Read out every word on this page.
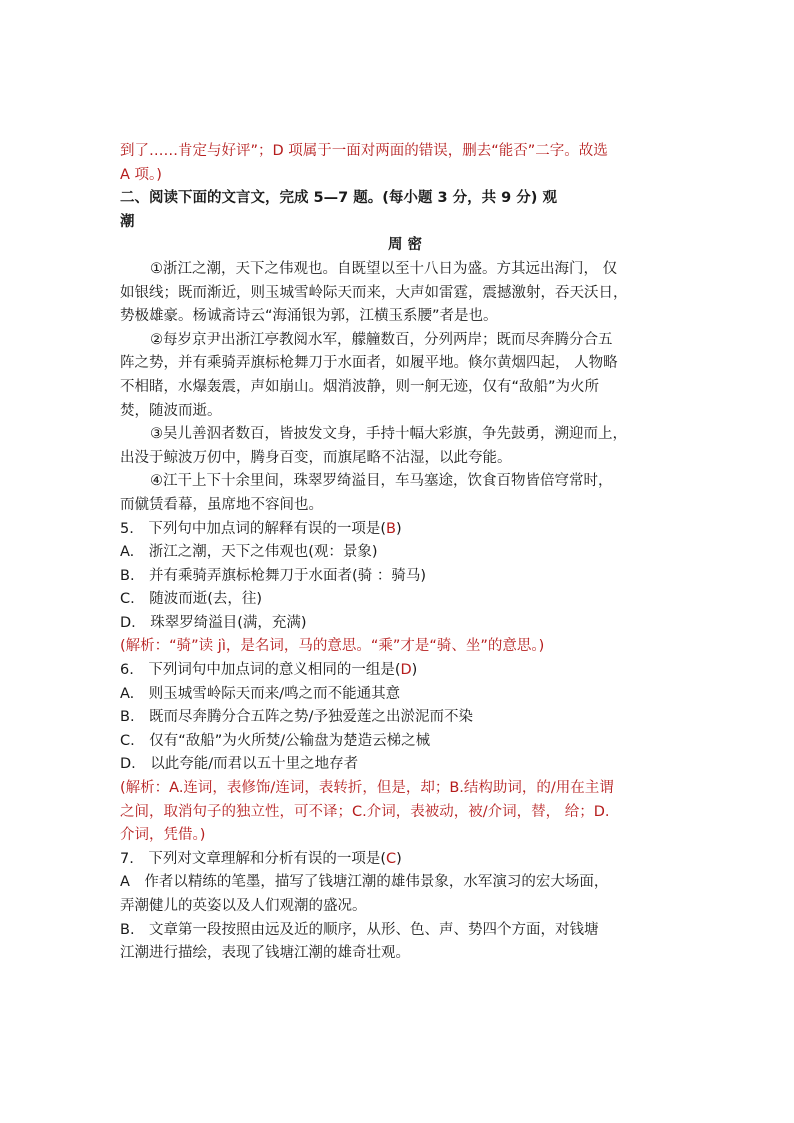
到了……肯定与好评”；D 项属于一面对两面的错误，删去“能否”二字。故选
A 项。)
二、阅读下面的文言文，完成 5—7 题。(每小题 3 分，共 9 分) 观
潮
周 密
①浙江之潮，天下之伟观也。自既望以至十八日为盛。方其远出海门， 仅
如银线；既而渐近，则玉城雪岭际天而来，大声如雷霆，震撼激射，吞天沃日，
势极雄豪。杨诚斋诗云“海涌银为郭，江横玉系腰”者是也。
②每岁京尹出浙江亭教阅水军，艨艟数百，分列两岸；既而尽奔腾分合五
阵之势，并有乘骑弄旗标枪舞刀于水面者，如履平地。倏尔黄烟四起， 人物略
不相睹，水爆轰震，声如崩山。烟消波静，则一舸无迹，仅有“敌船”为火所
焚，随波而逝。
③吴儿善泅者数百，皆披发文身，手持十幅大彩旗，争先鼓勇，溯迎而上，
出没于鲸波万仞中，腾身百变，而旗尾略不沾湿，以此夸能。
④江干上下十余里间，珠翠罗绮溢目，车马塞途，饮食百物皆倍穹常时，
而僦赁看幕，虽席地不容间也。
5.　下列句中加点词的解释有误的一项是(B)
A.　浙江之潮，天下之伟观也(观：景象)
B.　并有乘骑弄旗标枪舞刀于水面者(骑 ：骑马)
C.　随波而逝(去，往)
D.　珠翠罗绮溢目(满，充满)
(解析：“骑”读 jì，是名词，马的意思。“乘”才是“骑、坐”的意思。)
6.　下列词句中加点词的意义相同的一组是(D)
A.　则玉城雪岭际天而来/鸣之而不能通其意
B.　既而尽奔腾分合五阵之势/予独爱莲之出淤泥而不染
C.　仅有“敌船”为火所焚/公输盘为楚造云梯之械
D.　以此夸能/而君以五十里之地存者
(解析：A.连词，表修饰/连词，表转折，但是，却；B.结构助词，的/用在主谓
之间，取消句子的独立性，可不译；C.介词，表被动，被/介词，替， 给；D.
介词，凭借。)
7.　下列对文章理解和分析有误的一项是(C)
A　作者以精练的笔墨，描写了钱塘江潮的雄伟景象，水军演习的宏大场面，
弄潮健儿的英姿以及人们观潮的盛况。
B.　文章第一段按照由远及近的顺序，从形、色、声、势四个方面，对钱塘
江潮进行描绘，表现了钱塘江潮的雄奇壮观。
